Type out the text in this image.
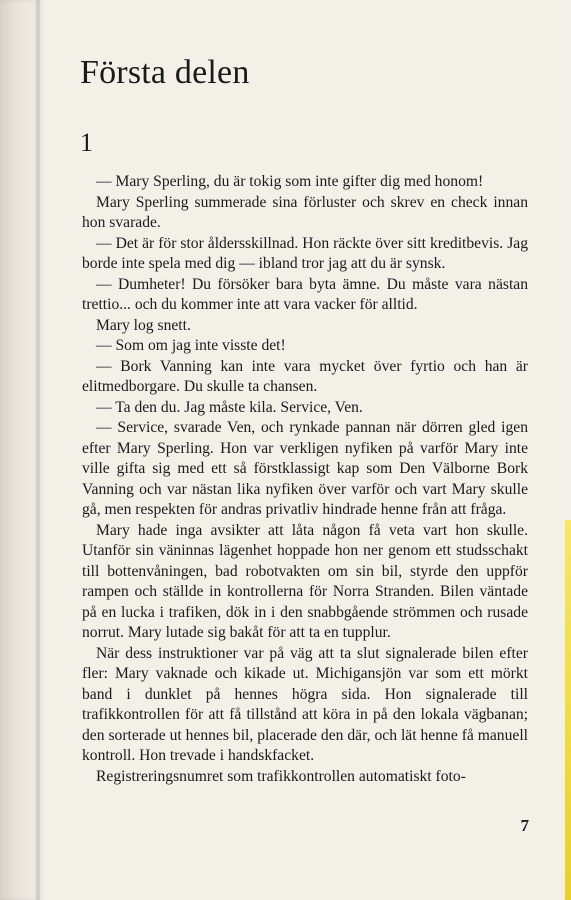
Första delen
1

— Mary Sperling, du är tokig som inte gifter dig med honom!

Mary Sperling summerade sina förluster och skrev en check innan hon svarade.

— Det är för stor åldersskillnad. Hon räckte över sitt kreditbevis. Jag borde inte spela med dig — ibland tror jag att du är synsk.

— Dumheter! Du försöker bara byta ämne. Du måste vara nästan trettio... och du kommer inte att vara vacker för alltid.

Mary log snett.

— Som om jag inte visste det!

— Bork Vanning kan inte vara mycket över fyrtio och han är elitmedborgare. Du skulle ta chansen.

— Ta den du. Jag måste kila. Service, Ven.

— Service, svarade Ven, och rynkade pannan när dörren gled igen efter Mary Sperling. Hon var verkligen nyfiken på varför Mary inte ville gifta sig med ett så förstklassigt kap som Den Välborne Bork Vanning och var nästan lika nyfiken över varför och vart Mary skulle gå, men respekten för andras privatliv hindrade henne från att fråga.

Mary hade inga avsikter att låta någon få veta vart hon skulle. Utanför sin väninnas lägenhet hoppade hon ner genom ett studsschakt till bottenvåningen, bad robotvakten om sin bil, styrde den uppför rampen och ställde in kontrollerna för Norra Stranden. Bilen väntade på en lucka i trafiken, dök in i den snabbgående strömmen och rusade norrut. Mary lutade sig bakåt för att ta en tupplur.

När dess instruktioner var på väg att ta slut signalerade bilen efter fler: Mary vaknade och kikade ut. Michigansjön var som ett mörkt band i dunklet på hennes högra sida. Hon signalerade till trafikkontrollen för att få tillstånd att köra in på den lokala vägbanan; den sorterade ut hennes bil, placerade den där, och lät henne få manuell kontroll. Hon trevade i handskfacket.

Registreringsnumret som trafikkontrollen automatiskt foto-

7
